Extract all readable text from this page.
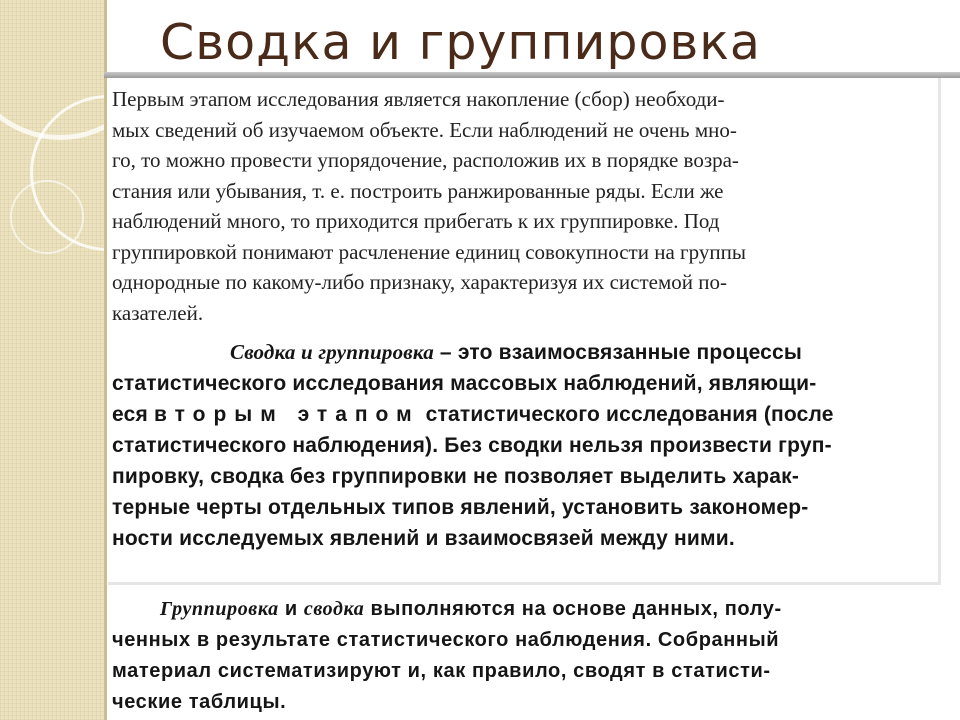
Сводка и группировка
Первым этапом исследования является накопление (сбор) необходи-
мых сведений об изучаемом объекте. Если наблюдений не очень мно-
го, то можно провести упорядочение, расположив их в порядке возра-
стания или убывания, т. е. построить ранжированные ряды. Если же
наблюдений много, то приходится прибегать к их группировке. Под
группировкой понимают расчленение единиц совокупности на группы
однородные по какому-либо признаку, характеризуя их системой по-
казателей.
Сводка и группировка – это взаимосвязанные процессы
статистического исследования массовых наблюдений, являющи-
еся вторым этапом статистического исследования (после
статистического наблюдения). Без сводки нельзя произвести груп-
пировку, сводка без группировки не позволяет выделить харак-
терные черты отдельных типов явлений, установить закономер-
ности исследуемых явлений и взаимосвязей между ними.
Группировка и сводка выполняются на основе данных, полу-
ченных в результате статистического наблюдения. Собранный
материал систематизируют и, как правило, сводят в статисти-
ческие таблицы.
